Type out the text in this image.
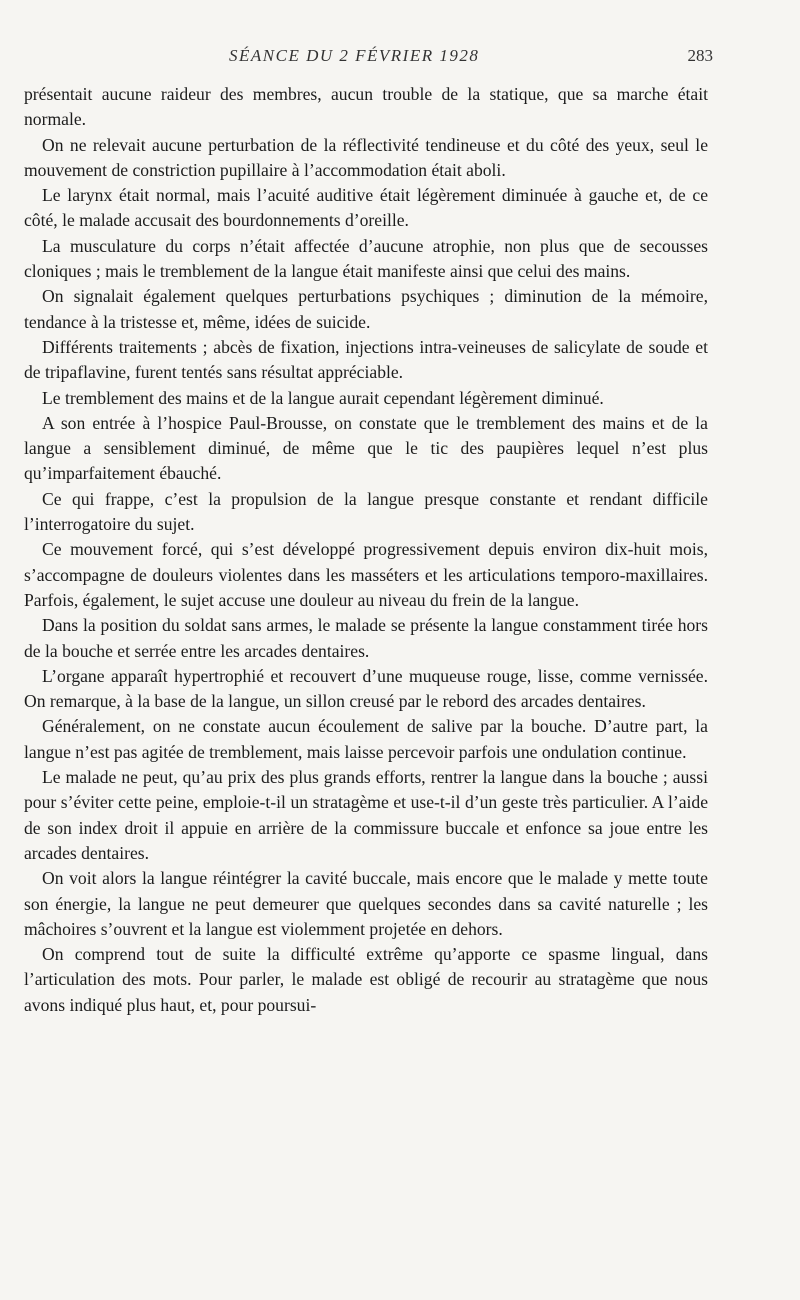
SÉANCE DU 2 FÉVRIER 1928	283

présentait aucune raideur des membres, aucun trouble de la statique, que sa marche était normale.

On ne relevait aucune perturbation de la réflectivité tendineuse et du côté des yeux, seul le mouvement de constriction pupillaire à l’accommodation était aboli.

Le larynx était normal, mais l’acuité auditive était légèrement diminuée à gauche et, de ce côté, le malade accusait des bourdonnements d’oreille.

La musculature du corps n’était affectée d’aucune atrophie, non plus que de secousses cloniques ; mais le tremblement de la langue était manifeste ainsi que celui des mains.

On signalait également quelques perturbations psychiques ; diminution de la mémoire, tendance à la tristesse et, même, idées de suicide.

Différents traitements ; abcès de fixation, injections intra-veineuses de salicylate de soude et de tripaflavine, furent tentés sans résultat appréciable.

Le tremblement des mains et de la langue aurait cependant légèrement diminué.

A son entrée à l’hospice Paul-Brousse, on constate que le tremblement des mains et de la langue a sensiblement diminué, de même que le tic des paupières lequel n’est plus qu’imparfaitement ébauché.

Ce qui frappe, c’est la propulsion de la langue presque constante et rendant difficile l’interrogatoire du sujet.

Ce mouvement forcé, qui s’est développé progressivement depuis environ dix-huit mois, s’accompagne de douleurs violentes dans les masséters et les articulations temporo-maxillaires. Parfois, également, le sujet accuse une douleur au niveau du frein de la langue.

Dans la position du soldat sans armes, le malade se présente la langue constamment tirée hors de la bouche et serrée entre les arcades dentaires.

L’organe apparaît hypertrophié et recouvert d’une muqueuse rouge, lisse, comme vernissée. On remarque, à la base de la langue, un sillon creusé par le rebord des arcades dentaires.

Généralement, on ne constate aucun écoulement de salive par la bouche. D’autre part, la langue n’est pas agitée de tremblement, mais laisse percevoir parfois une ondulation continue.

Le malade ne peut, qu’au prix des plus grands efforts, rentrer la langue dans la bouche ; aussi pour s’éviter cette peine, emploie-t-il un stratagème et use-t-il d’un geste très particulier. A l’aide de son index droit il appuie en arrière de la commissure buccale et enfonce sa joue entre les arcades dentaires.

On voit alors la langue réintégrer la cavité buccale, mais encore que le malade y mette toute son énergie, la langue ne peut demeurer que quelques secondes dans sa cavité naturelle ; les mâchoires s’ouvrent et la langue est violemment projetée en dehors.

On comprend tout de suite la difficulté extrême qu’apporte ce spasme lingual, dans l’articulation des mots. Pour parler, le malade est obligé de recourir au stratagème que nous avons indiqué plus haut, et, pour poursui-
